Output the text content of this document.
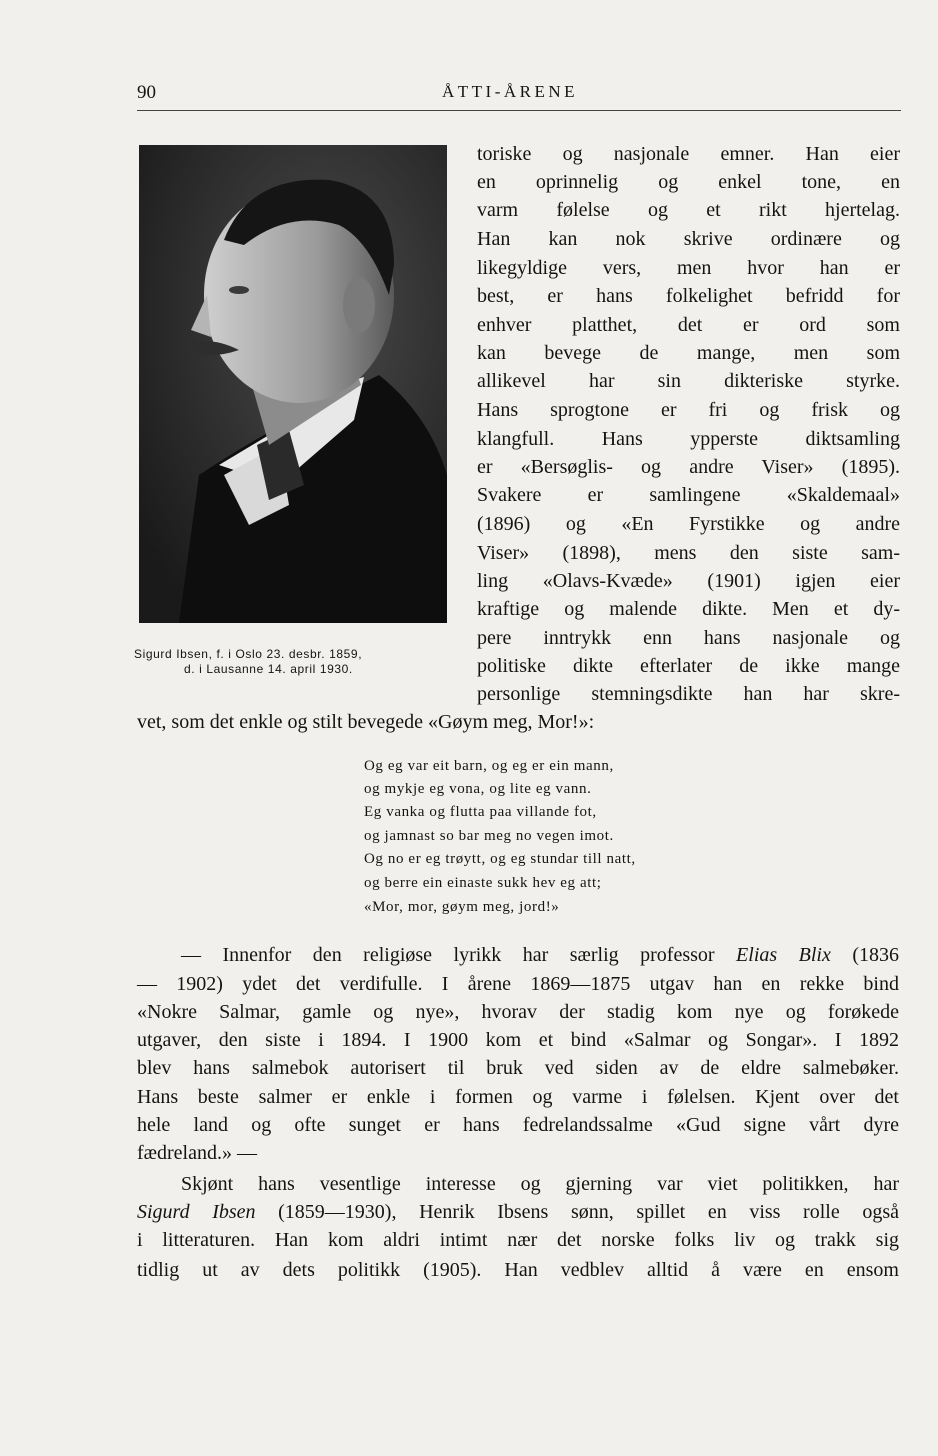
90	ÅTTI-ÅRENE
Sigurd Ibsen, f. i Oslo 23. desbr. 1859,
d. i Lausanne 14. april 1930.
toriske og nasjonale emner. Han eier
en oprinnelig og enkel tone, en
varm følelse og et rikt hjertelag.
Han kan nok skrive ordinære og
likegyldige vers, men hvor han er
best, er hans folkelighet befridd for
enhver platthet, det er ord som
kan bevege de mange, men som
allikevel har sin dikteriske styrke.
Hans sprogtone er fri og frisk og
klangfull. Hans ypperste diktsamling
er «Bersøglis- og andre Viser» (1895).
Svakere er samlingene «Skaldemaal»
(1896) og «En Fyrstikke og andre
Viser» (1898), mens den siste sam-
ling «Olavs-Kvæde» (1901) igjen eier
kraftige og malende dikte. Men et dy-
pere inntrykk enn hans nasjonale og
politiske dikte efterlater de ikke mange
personlige stemningsdikte han har skre-
vet, som det enkle og stilt bevegede «Gøym meg, Mor!»:
Og eg var eit barn, og eg er ein mann,
og mykje eg vona, og lite eg vann.
Eg vanka og flutta paa villande fot,
og jamnast so bar meg no vegen imot.
Og no er eg trøytt, og eg stundar till natt,
og berre ein einaste sukk hev eg att;
«Mor, mor, gøym meg, jord!»
— Innenfor den religiøse lyrikk har særlig professor Elias Blix (1836
— 1902) ydet det verdifulle. I årene 1869—1875 utgav han en rekke bind
«Nokre Salmar, gamle og nye», hvorav der stadig kom nye og forøkede
utgaver, den siste i 1894. I 1900 kom et bind «Salmar og Songar». I 1892
blev hans salmebok autorisert til bruk ved siden av de eldre salmebøker.
Hans beste salmer er enkle i formen og varme i følelsen. Kjent over det
hele land og ofte sunget er hans fedrelandssalme «Gud signe vårt dyre
fædreland.» —
Skjønt hans vesentlige interesse og gjerning var viet politikken, har
Sigurd Ibsen (1859—1930), Henrik Ibsens sønn, spillet en viss rolle også
i litteraturen. Han kom aldri intimt nær det norske folks liv og trakk sig
tidlig ut av dets politikk (1905). Han vedblev alltid å være en ensom
